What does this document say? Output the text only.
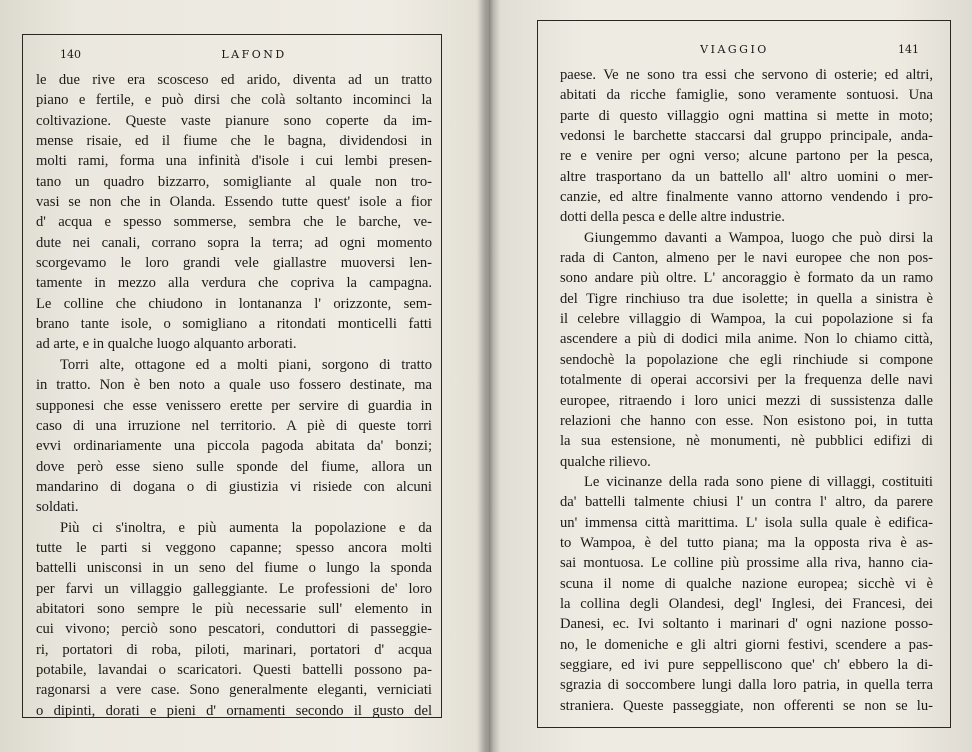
140	LAFOND

le due rive era scosceso ed arido, diventa ad un tratto
piano e fertile, e può dirsi che colà soltanto incominci la
coltivazione. Queste vaste pianure sono coperte da im-
mense risaie, ed il fiume che le bagna, dividendosi in
molti rami, forma una infinità d'isole i cui lembi presen-
tano un quadro bizzarro, somigliante al quale non tro-
vasi se non che in Olanda. Essendo tutte quest' isole a fior
d' acqua e spesso sommerse, sembra che le barche, ve-
dute nei canali, corrano sopra la terra; ad ogni momento
scorgevamo le loro grandi vele giallastre muoversi len-
tamente in mezzo alla verdura che copriva la campagna.
Le colline che chiudono in lontananza l' orizzonte, sem-
brano tante isole, o somigliano a ritondati monticelli fatti
ad arte, e in qualche luogo alquanto arborati.

Torri alte, ottagone ed a molti piani, sorgono di tratto
in tratto. Non è ben noto a quale uso fossero destinate, ma
supponesi che esse venissero erette per servire di guardia in
caso di una irruzione nel territorio. A piè di queste torri
evvi ordinariamente una piccola pagoda abitata da' bonzi;
dove però esse sieno sulle sponde del fiume, allora un
mandarino di dogana o di giustizia vi risiede con alcuni
soldati.

Più ci s'inoltra, e più aumenta la popolazione e da
tutte le parti si veggono capanne; spesso ancora molti
battelli unisconsi in un seno del fiume o lungo la sponda
per farvi un villaggio galleggiante. Le professioni de' loro
abitatori sono sempre le più necessarie sull' elemento in
cui vivono; perciò sono pescatori, conduttori di passeggie-
ri, portatori di roba, piloti, marinari, portatori d' acqua
potabile, lavandai o scaricatori. Questi battelli possono pa-
ragonarsi a vere case. Sono generalmente eleganti, verniciati
o dipinti, dorati e pieni d' ornamenti secondo il gusto del

VIAGGIO	141

paese. Ve ne sono tra essi che servono di osterie; ed altri,
abitati da ricche famiglie, sono veramente sontuosi. Una
parte di questo villaggio ogni mattina si mette in moto;
vedonsi le barchette staccarsi dal gruppo principale, anda-
re e venire per ogni verso; alcune partono per la pesca,
altre trasportano da un battello all' altro uomini o mer-
canzie, ed altre finalmente vanno attorno vendendo i pro-
dotti della pesca e delle altre industrie.

Giungemmo davanti a Wampoa, luogo che può dirsi la
rada di Canton, almeno per le navi europee che non pos-
sono andare più oltre. L' ancoraggio è formato da un ramo
del Tigre rinchiuso tra due isolette; in quella a sinistra è
il celebre villaggio di Wampoa, la cui popolazione si fa
ascendere a più di dodici mila anime. Non lo chiamo città,
sendochè la popolazione che egli rinchiude si compone
totalmente di operai accorsivi per la frequenza delle navi
europee, ritraendo i loro unici mezzi di sussistenza dalle
relazioni che hanno con esse. Non esistono poi, in tutta
la sua estensione, nè monumenti, nè pubblici edifizi di
qualche rilievo.

Le vicinanze della rada sono piene di villaggi, costituiti
da' battelli talmente chiusi l' un contra l' altro, da parere
un' immensa città marittima. L' isola sulla quale è edifica-
to Wampoa, è del tutto piana; ma la opposta riva è as-
sai montuosa. Le colline più prossime alla riva, hanno cia-
scuna il nome di qualche nazione europea; sicchè vi è
la collina degli Olandesi, degl' Inglesi, dei Francesi, dei
Danesi, ec. Ivi soltanto i marinari d' ogni nazione posso-
no, le domeniche e gli altri giorni festivi, scendere a pas-
seggiare, ed ivi pure seppelliscono que' ch' ebbero la di-
sgrazia di soccombere lungi dalla loro patria, in quella terra
straniera. Queste passeggiate, non offerenti se non se lu-
